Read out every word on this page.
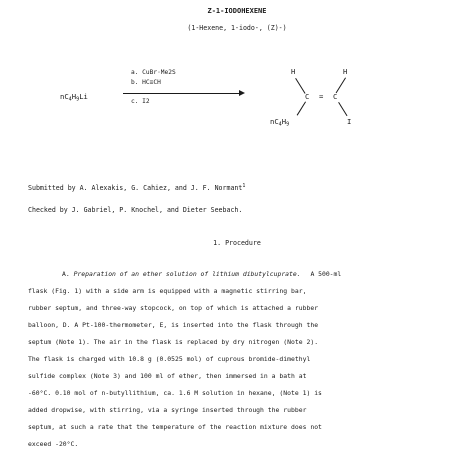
Z-1-IODOHEXENE
(1-Hexene, 1-iodo-, (Z)-)
$nC_4H_9Li$
a. CuBr·Me2S
b. HC≡CH
c. I2
H	H
C = C
$nC_4H_9$	I
Submitted by A. Alexakis, G. Cahiez, and J. F. Normant$^1$
Checked by J. Gabriel, P. Knochel, and Dieter Seebach.
1. Procedure
A. Preparation of an ether solution of lithium dibutylcuprate. A 500-ml
flask (Fig. 1) with a side arm is equipped with a magnetic stirring bar,
rubber septum, and three-way stopcock, on top of which is attached a rubber
balloon, D. A Pt-100-thermometer, E, is inserted into the flask through the
septum (Note 1). The air in the flask is replaced by dry nitrogen (Note 2).
The flask is charged with 10.8 g (0.0525 mol) of cuprous bromide-dimethyl
sulfide complex (Note 3) and 100 ml of ether, then immersed in a bath at
-60°C. 0.10 mol of n-butyllithium, ca. 1.6 M solution in hexane, (Note 1) is
added dropwise, with stirring, via a syringe inserted through the rubber
septum, at such a rate that the temperature of the reaction mixture does not
exceed -20°C.
